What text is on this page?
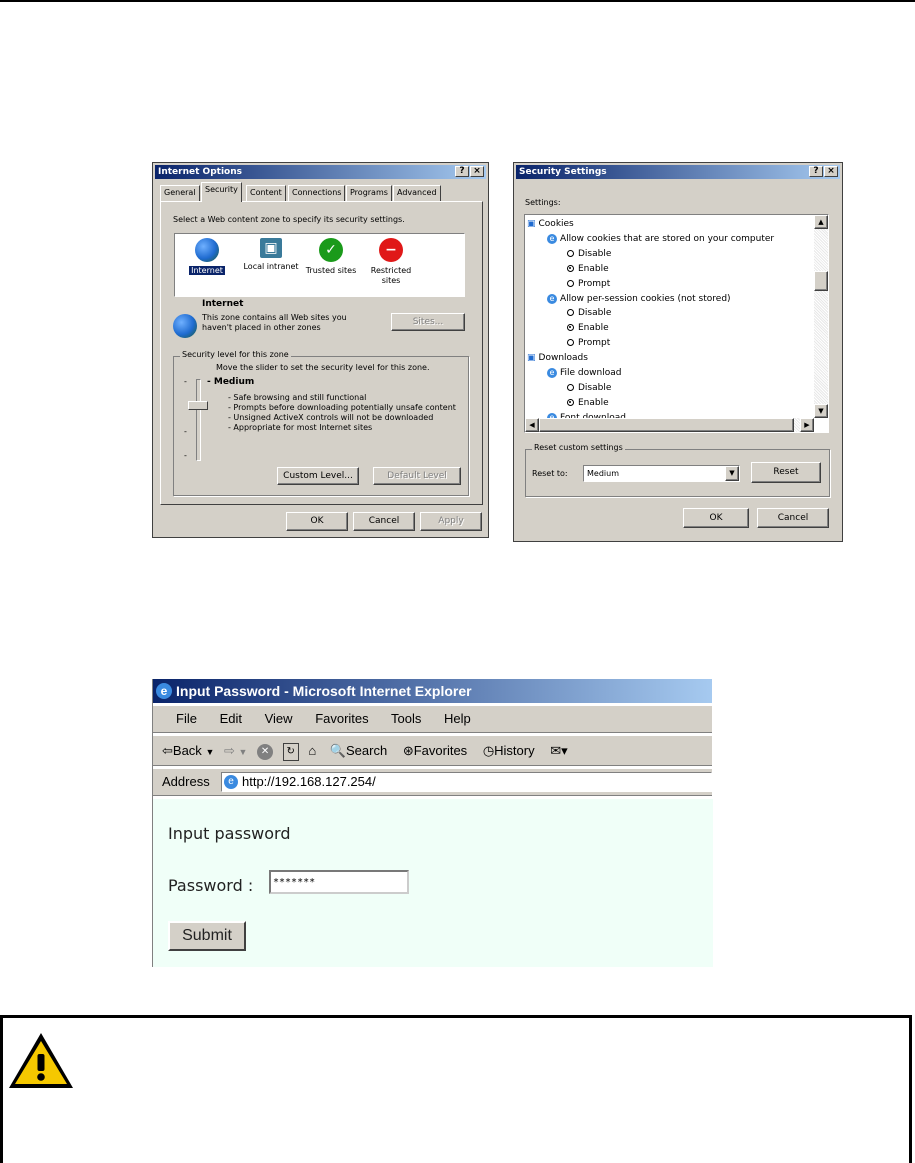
Internet Options	? ×
General	Security	Content	Connections	Programs	Advanced
Select a Web content zone to specify its security settings.
Internet
▣
Local intranet
✓
Trusted sites
−
Restricted sites
Internet
This zone contains all Web sites you
haven't placed in other zones
Sites...
Security level for this zone
Move the slider to set the security level for this zone.
-
-
-
- Medium
- Safe browsing and still functional
- Prompts before downloading potentially unsafe content
- Unsigned ActiveX controls will not be downloaded
- Appropriate for most Internet sites
Custom Level...	Default Level
OK	Cancel	Apply
Security Settings	? ×
Settings:
▣ Cookies
e Allow cookies that are stored on your computer
Disable
Enable
Prompt
e Allow per-session cookies (not stored)
Disable
Enable
Prompt
▣ Downloads
e File download
Disable
Enable
▲
▼
◀	▶
Reset custom settings
Reset to: Medium	▼	Reset
OK	Cancel
e Input Password - Microsoft Internet Explorer
File Edit View Favorites Tools Help
⇦Back ▼ ⇨ ▼ ✕ ↻ ⌂ 🔍Search ⊛Favorites ◷History ✉▾
Address	e http://192.168.127.254/
Input password
Password :
*******
Submit
